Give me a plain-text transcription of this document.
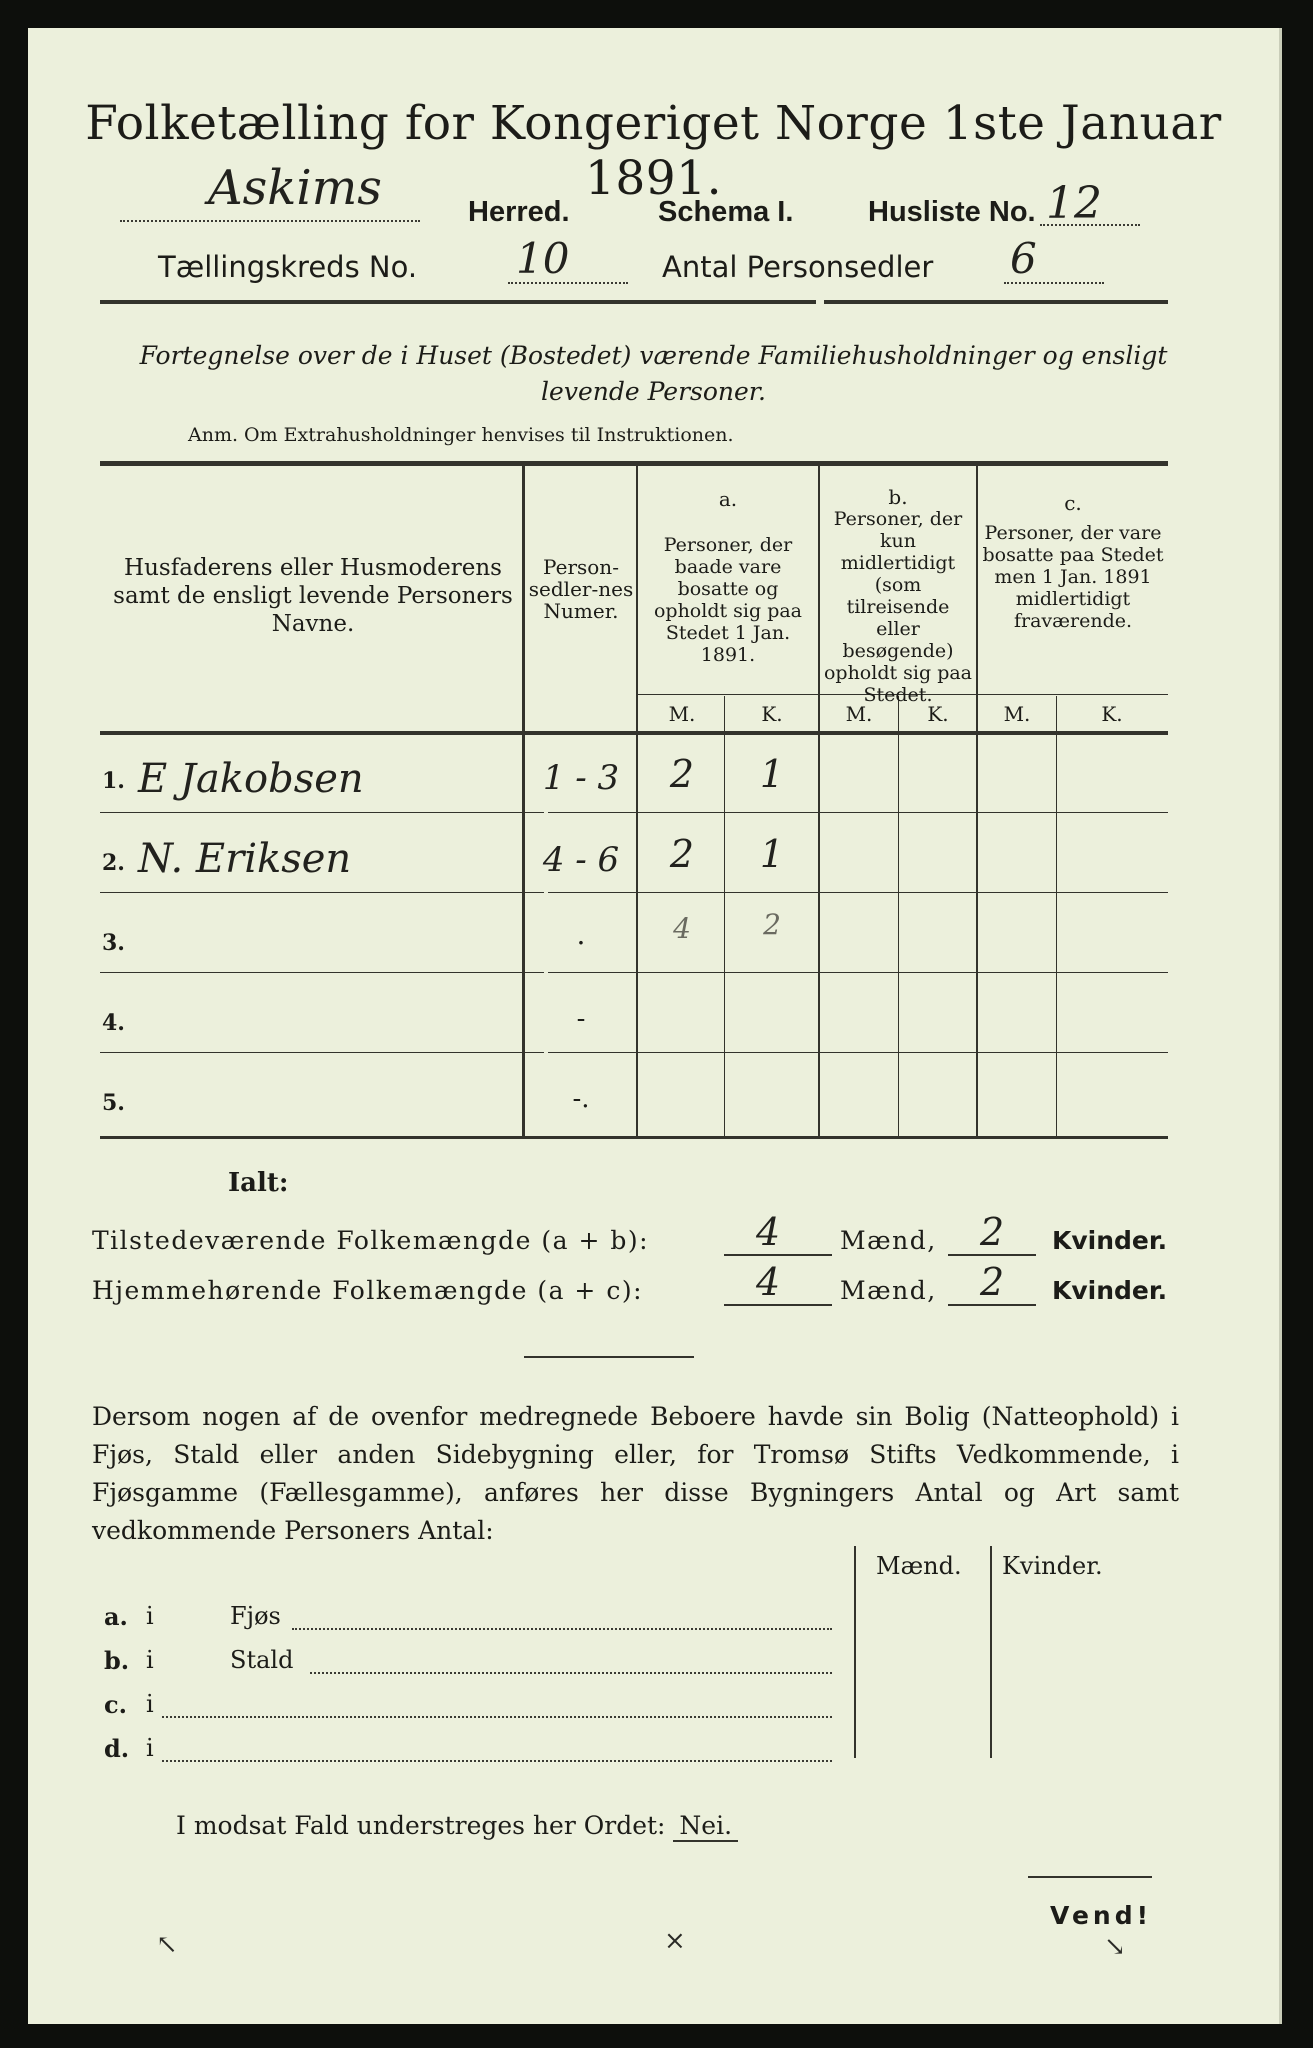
Folketælling for Kongeriget Norge 1ste Januar 1891.
Askims	Herred.	Schema I.	Husliste No. 12
Tællingskreds No. 10	Antal Personsedler 6
Fortegnelse over de i Huset (Bostedet) værende Familiehusholdninger og ensligt levende Personer.
Anm. Om Extrahusholdninger henvises til Instruktionen.
Husfaderens eller Husmoderens samt de ensligt levende Personers Navne.
Person-sedler-nes Numer.
a.
Personer, der baade vare bosatte og opholdt sig paa Stedet 1 Jan. 1891.
b.
Personer, der kun midlertidigt (som tilreisende eller besøgende) opholdt sig paa Stedet.
c.
Personer, der vare bosatte paa Stedet men 1 Jan. 1891 midlertidigt fraværende.
M.	K.	M.	K.	M.	K.
1. E Jakobsen	1 - 3	2	1
2. N. Eriksen	4 - 6	2	1
3.	.	4	2
4.	-
5.	-.
Ialt:
Tilstedeværende Folkemængde (a + b):	4 Mænd, 2 Kvinder.
Hjemmehørende Folkemængde (a + c):	4 Mænd, 2 Kvinder.
Dersom nogen af de ovenfor medregnede Beboere havde sin Bolig (Natteophold) i Fjøs, Stald eller anden Sidebygning eller, for Tromsø Stifts Vedkommende, i Fjøsgamme (Fællesgamme), anføres her disse Bygningers Antal og Art samt vedkommende Personers Antal:
Mænd. Kvinder.
a. i	Fjøs
b. i	Stald
c. i
d. i
I modsat Fald understreges her Ordet: Nei.
Vend!
↖	⨯	↘
